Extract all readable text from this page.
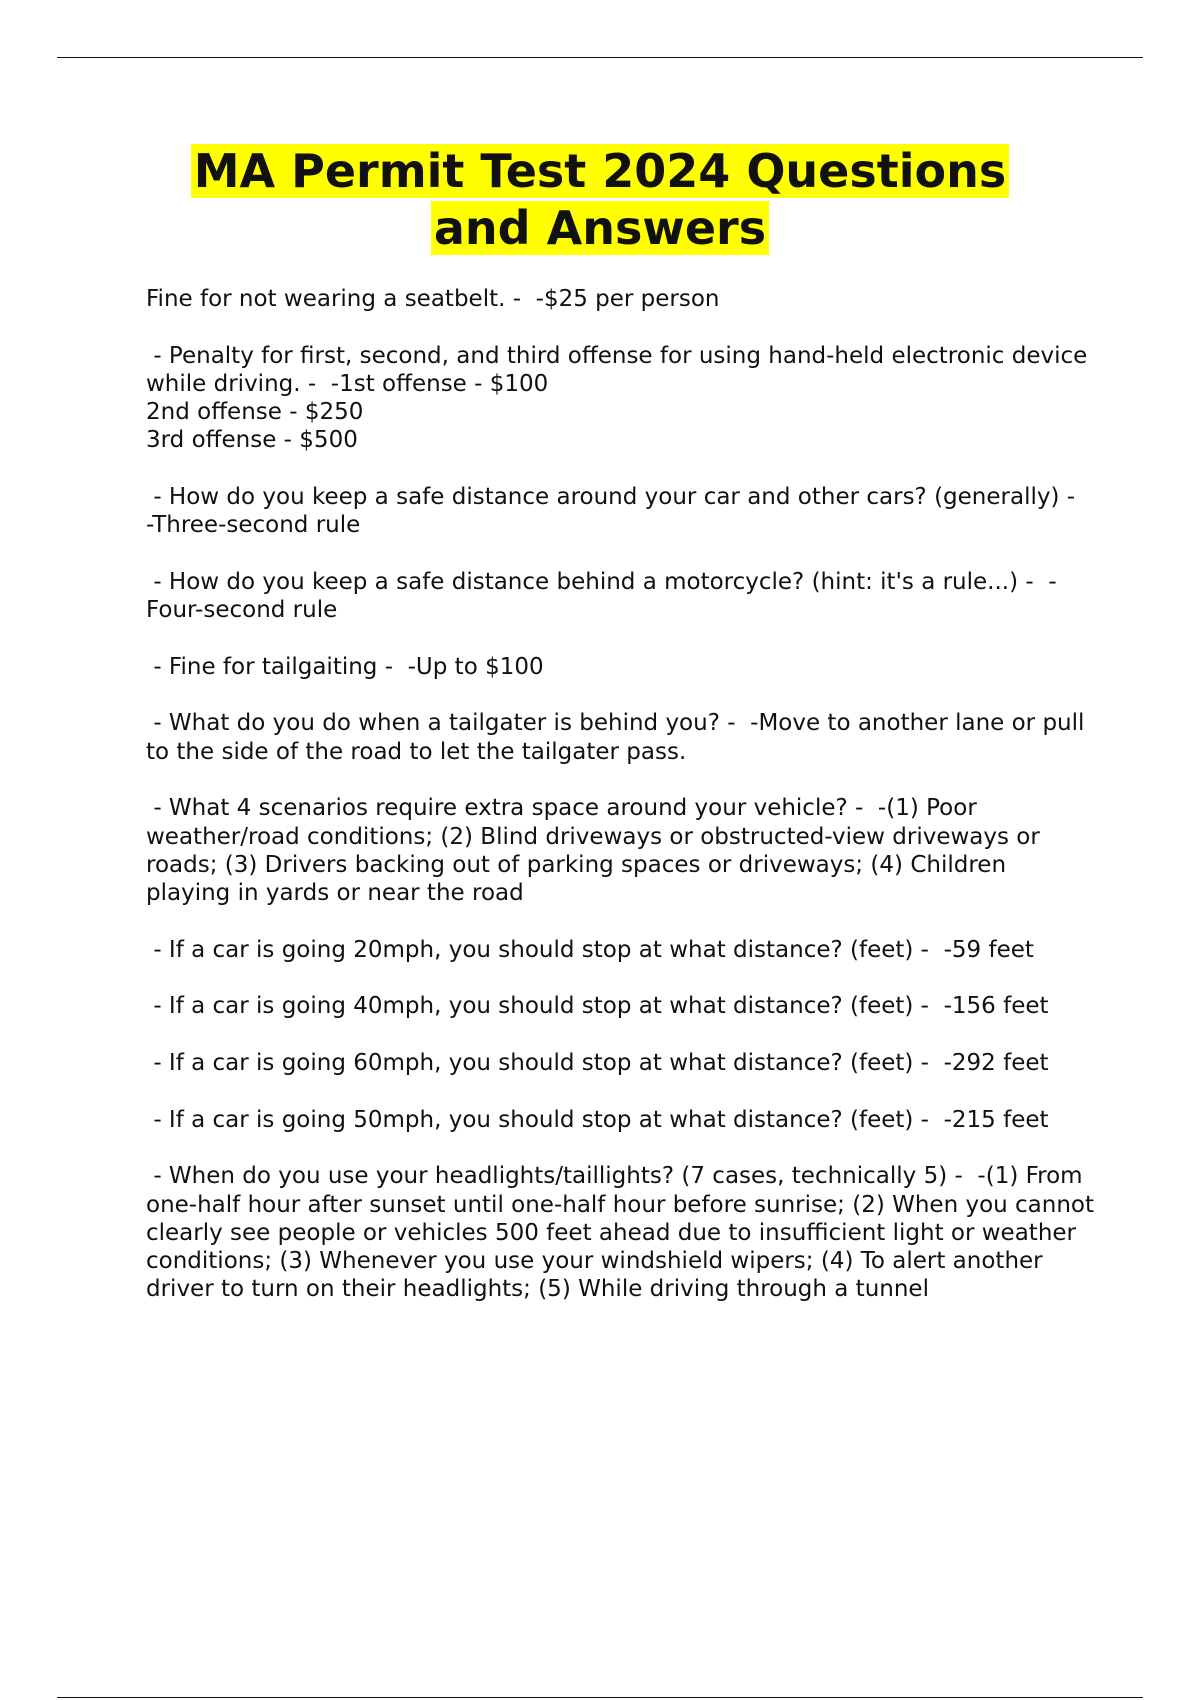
MA Permit Test 2024 Questions
and Answers

Fine for not wearing a seatbelt. -  -$25 per person

- Penalty for first, second, and third offense for using hand-held electronic device while driving. -  -1st offense - $100
2nd offense - $250
3rd offense - $500

- How do you keep a safe distance around your car and other cars? (generally) -  -Three-second rule

- How do you keep a safe distance behind a motorcycle? (hint: it's a rule...) -  -Four-second rule

- Fine for tailgaiting -  -Up to $100

- What do you do when a tailgater is behind you? -  -Move to another lane or pull to the side of the road to let the tailgater pass.

- What 4 scenarios require extra space around your vehicle? -  -(1) Poor weather/road conditions; (2) Blind driveways or obstructed-view driveways or roads; (3) Drivers backing out of parking spaces or driveways; (4) Children playing in yards or near the road

- If a car is going 20mph, you should stop at what distance? (feet) -  -59 feet

- If a car is going 40mph, you should stop at what distance? (feet) -  -156 feet

- If a car is going 60mph, you should stop at what distance? (feet) -  -292 feet

- If a car is going 50mph, you should stop at what distance? (feet) -  -215 feet

- When do you use your headlights/taillights? (7 cases, technically 5) -  -(1) From one-half hour after sunset until one-half hour before sunrise; (2) When you cannot clearly see people or vehicles 500 feet ahead due to insufficient light or weather conditions; (3) Whenever you use your windshield wipers; (4) To alert another driver to turn on their headlights; (5) While driving through a tunnel
